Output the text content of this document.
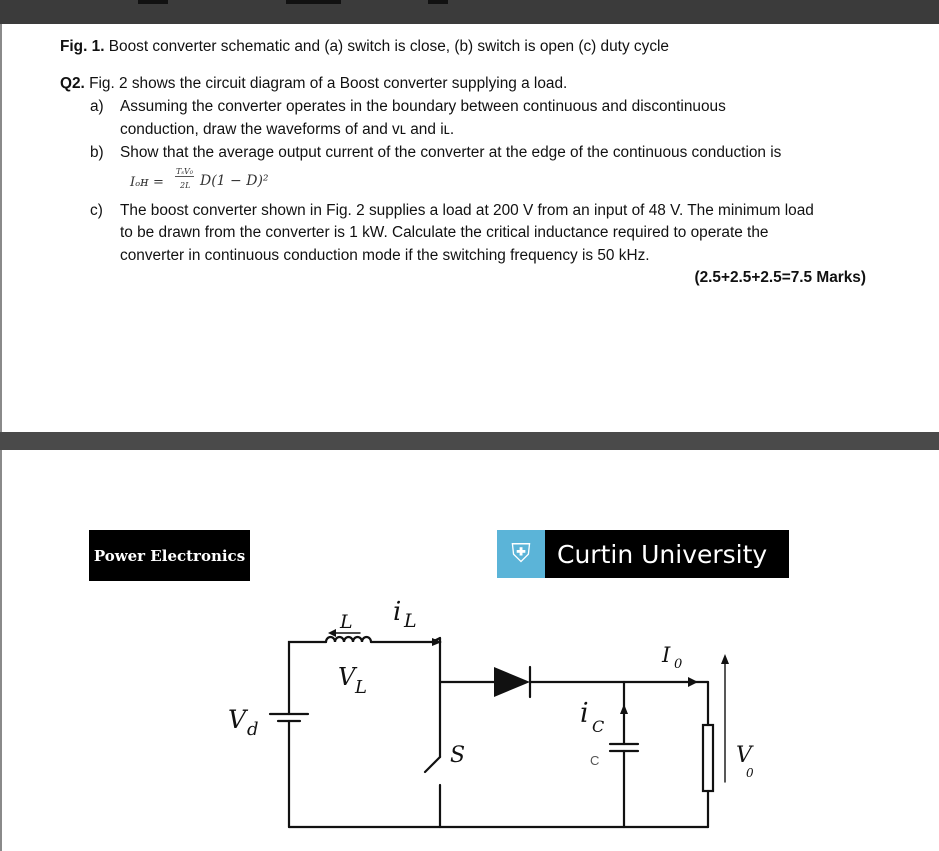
Fig. 1. Boost converter schematic and (a) switch is close, (b) switch is open (c) duty cycle
Q2. Fig. 2 shows the circuit diagram of a Boost converter supplying a load.
a) Assuming the converter operates in the boundary between continuous and discontinuous
conduction, draw the waveforms of and vʟ and iʟ.
b) Show that the average output current of the converter at the edge of the continuous conduction is
Iₒʜ =
TₛV₀
2L D(1 − D)²
c) The boost converter shown in Fig. 2 supplies a load at 200 V from an input of 48 V. The minimum load
to be drawn from the converter is 1 kW. Calculate the critical inductance required to operate the
converter in continuous conduction mode if the switching frequency is 50 kHz.
(2.5+2.5+2.5=7.5 Marks)
Power Electronics	⛨	Curtin University
L i L
V L
V d
S
I 0
i C
V
0
C
